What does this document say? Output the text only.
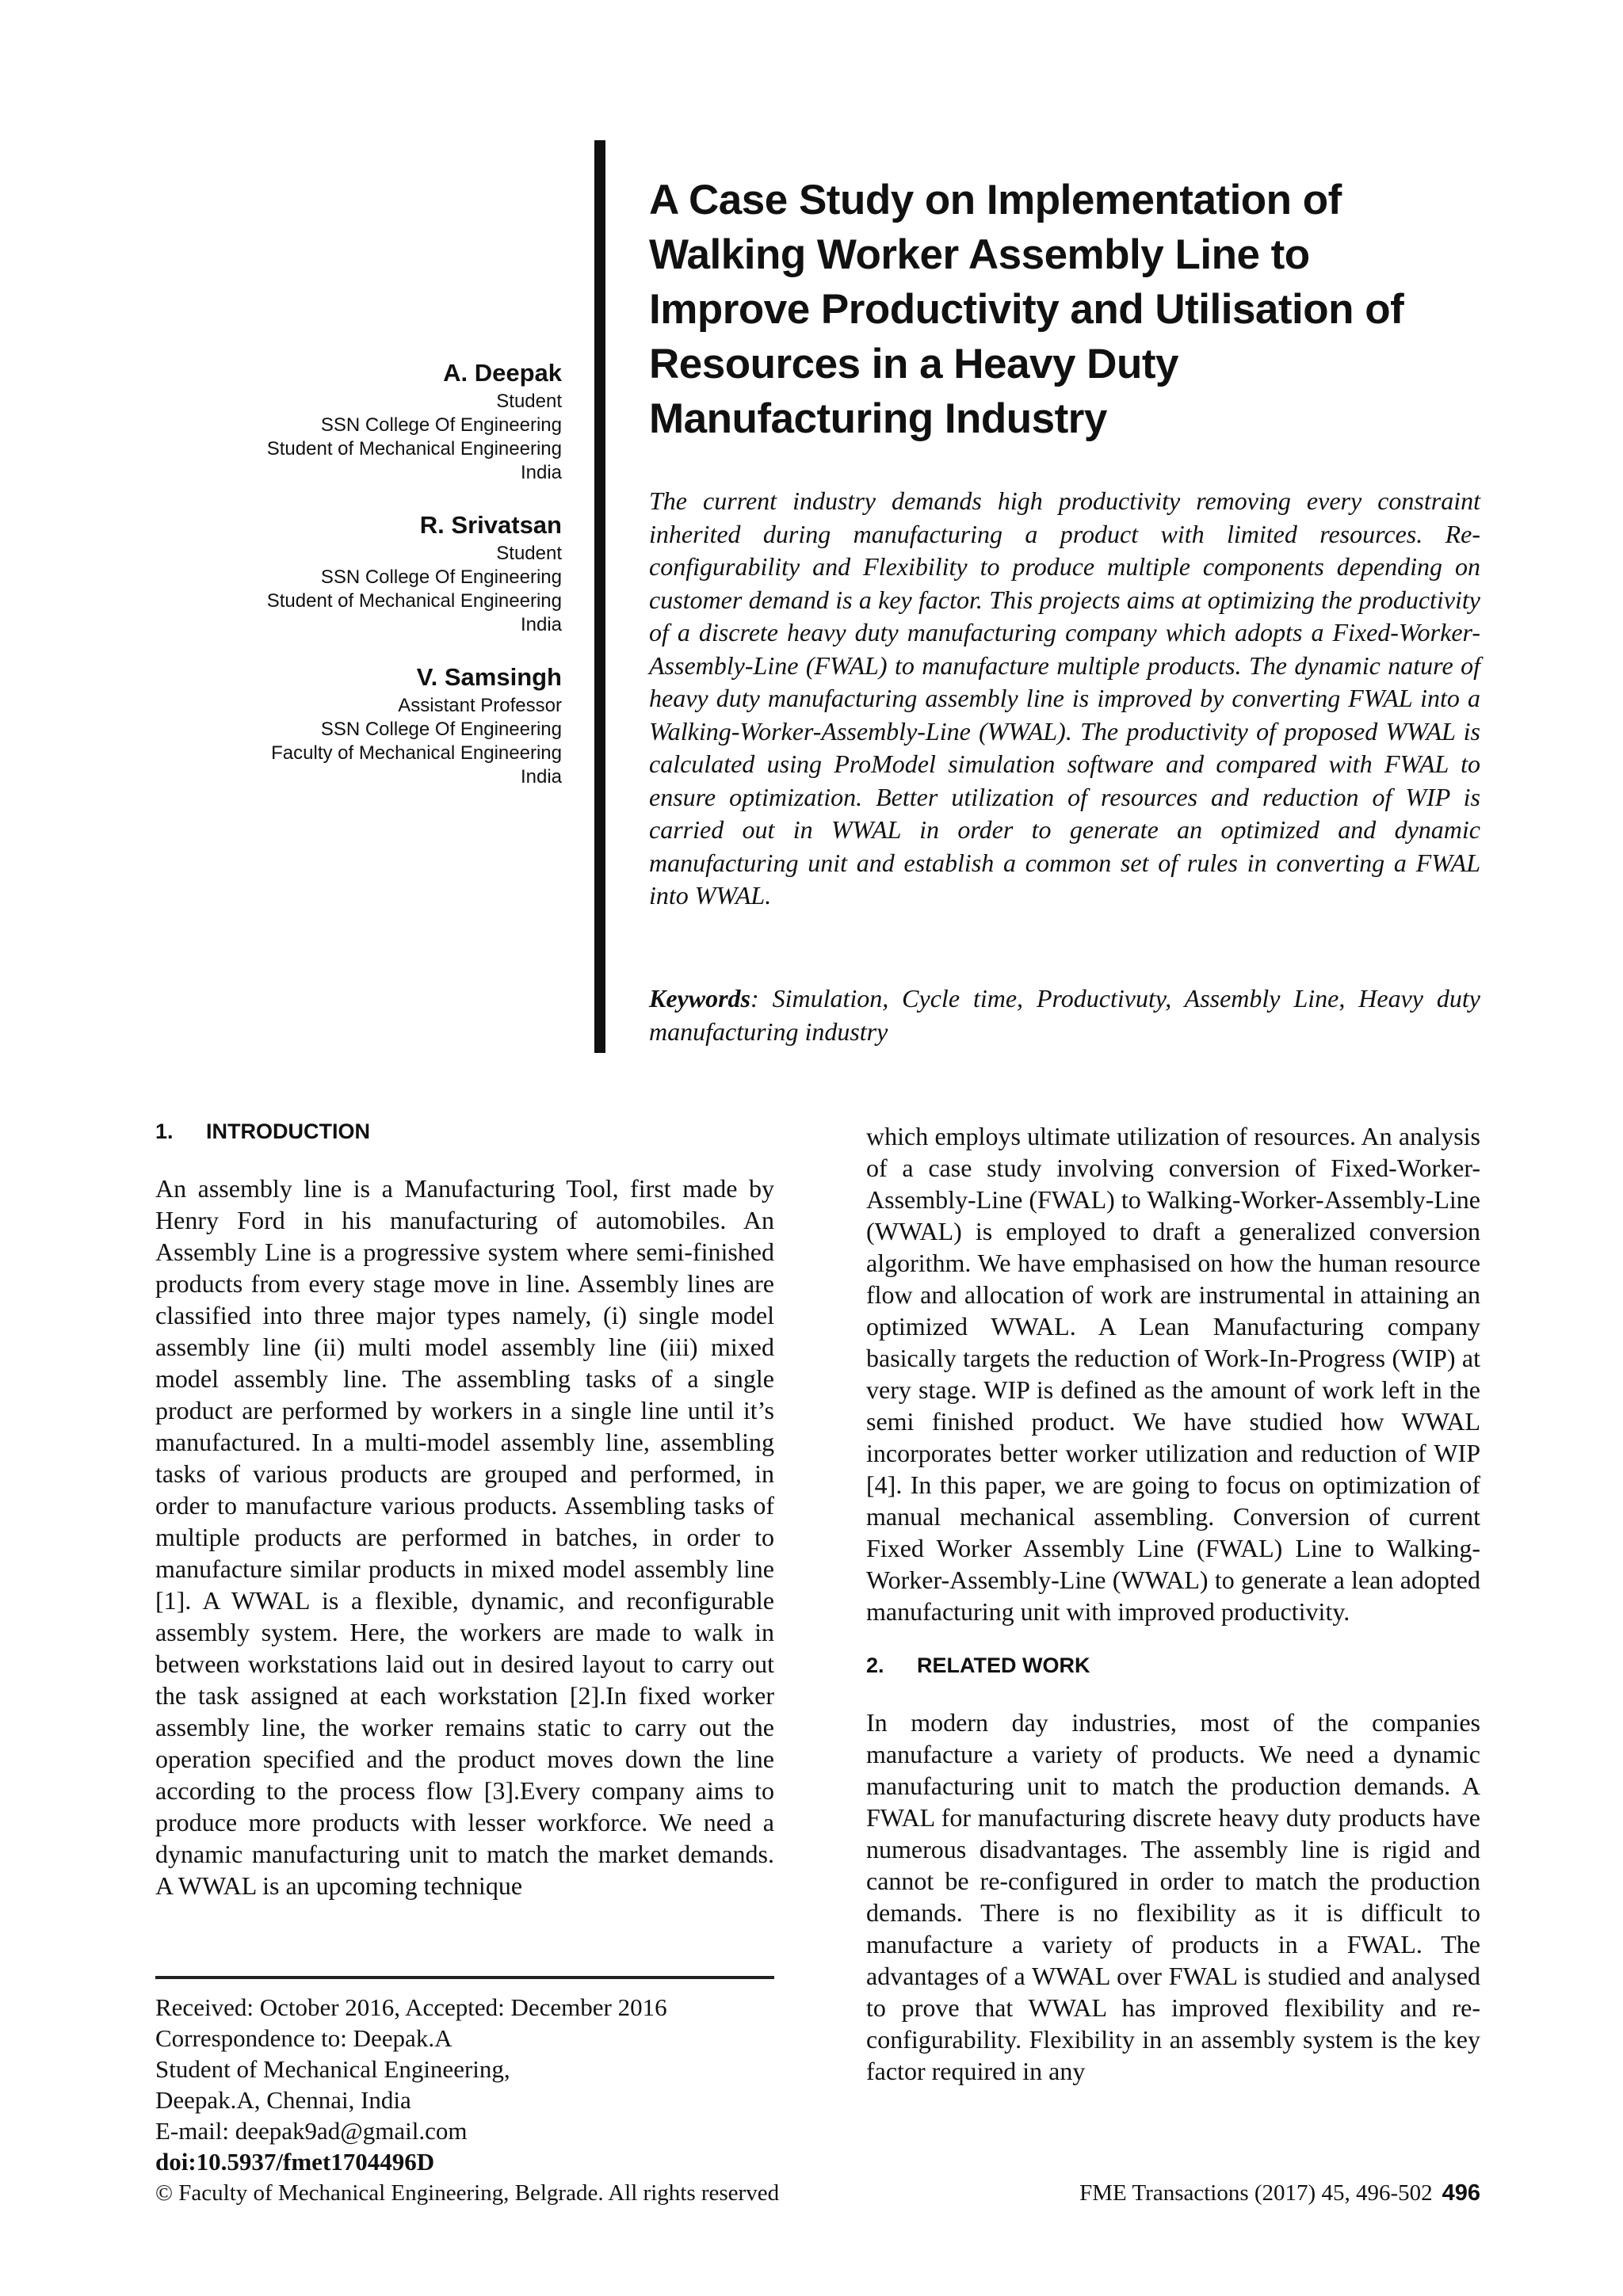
A. Deepak
Student
SSN College Of Engineering
Student of Mechanical Engineering
India
R. Srivatsan
Student
SSN College Of Engineering
Student of Mechanical Engineering
India
V. Samsingh
Assistant Professor
SSN College Of Engineering
Faculty of Mechanical Engineering
India
A Case Study on Implementation of
Walking Worker Assembly Line to
Improve Productivity and Utilisation of
Resources in a Heavy Duty
Manufacturing Industry
The current industry demands high productivity removing every constraint inherited during manufacturing a product with limited resources. Re-configurability and Flexibility to produce multiple components depending on customer demand is a key factor. This projects aims at optimizing the productivity of a discrete heavy duty manufacturing company which adopts a Fixed-Worker-Assembly-Line (FWAL) to manufacture multiple products. The dynamic nature of heavy duty manufacturing assembly line is improved by converting FWAL into a Walking-Worker-Assembly-Line (WWAL). The productivity of proposed WWAL is calculated using ProModel simulation software and compared with FWAL to ensure optimization. Better utilization of resources and reduction of WIP is carried out in WWAL in order to generate an optimized and dynamic manufacturing unit and establish a common set of rules in converting a FWAL into WWAL.
Keywords: Simulation, Cycle time, Productivuty, Assembly Line, Heavy duty manufacturing industry
1. INTRODUCTION

An assembly line is a Manufacturing Tool, first made by Henry Ford in his manufacturing of automobiles. An Assembly Line is a progressive system where semi-finished products from every stage move in line. Assembly lines are classified into three major types namely, (i) single model assembly line (ii) multi model assembly line (iii) mixed model assembly line. The assembling tasks of a single product are performed by workers in a single line until it’s manufactured. In a multi-model assembly line, assembling tasks of various products are grouped and performed, in order to manufacture various products. Assembling tasks of multiple products are performed in batches, in order to manufacture similar products in mixed model assembly line [1]. A WWAL is a flexible, dynamic, and reconfigurable assembly system. Here, the workers are made to walk in between workstations laid out in desired layout to carry out the task assigned at each workstation [2].In fixed worker assembly line, the worker remains static to carry out the operation specified and the product moves down the line according to the process flow [3].Every company aims to produce more products with lesser workforce. We need a dynamic manufacturing unit to match the market demands. A WWAL is an upcoming technique

Received: October 2016, Accepted: December 2016
Correspondence to: Deepak.A
Student of Mechanical Engineering,
Deepak.A, Chennai, India
E-mail: deepak9ad@gmail.com
doi:10.5937/fmet1704496D

which employs ultimate utilization of resources. An analysis of a case study involving conversion of Fixed-Worker- Assembly-Line (FWAL) to Walking-Worker-Assembly-Line (WWAL) is employed to draft a generalized conversion algorithm. We have emphasised on how the human resource flow and allocation of work are instrumental in attaining an optimized WWAL. A Lean Manufacturing company basically targets the reduction of Work-In-Progress (WIP) at very stage. WIP is defined as the amount of work left in the semi finished product. We have studied how WWAL incorporates better worker utilization and reduction of WIP [4]. In this paper, we are going to focus on optimization of manual mechanical assembling. Conversion of current Fixed Worker Assembly Line (FWAL) Line to Walking-Worker-Assembly-Line (WWAL) to generate a lean adopted manufacturing unit with improved productivity.

2. RELATED WORK

In modern day industries, most of the companies manufacture a variety of products. We need a dynamic manufacturing unit to match the production demands. A FWAL for manufacturing discrete heavy duty products have numerous disadvantages. The assembly line is rigid and cannot be re-configured in order to match the production demands. There is no flexibility as it is difficult to manufacture a variety of products in a FWAL. The advantages of a WWAL over FWAL is studied and analysed to prove that WWAL has improved flexibility and re-configurability. Flexibility in an assembly system is the key factor required in any

© Faculty of Mechanical Engineering, Belgrade. All rights reserved	FME Transactions (2017) 45, 496-502 496
